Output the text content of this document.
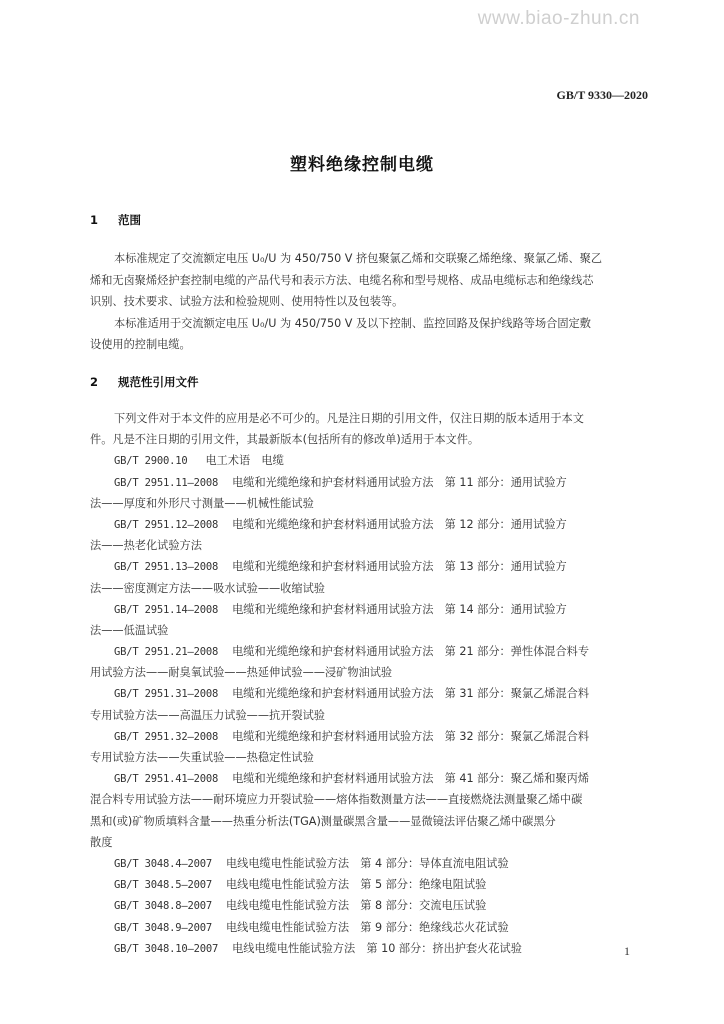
www.biao-zhun.cn
GB/T 9330—2020
塑料绝缘控制电缆
1 范围
本标准规定了交流额定电压 U₀/U 为 450/750 V 挤包聚氯乙烯和交联聚乙烯绝缘、聚氯乙烯、聚乙
烯和无卤聚烯烃护套控制电缆的产品代号和表示方法、电缆名称和型号规格、成品电缆标志和绝缘线芯
识别、技术要求、试验方法和检验规则、使用特性以及包装等。
本标准适用于交流额定电压 U₀/U 为 450/750 V 及以下控制、监控回路及保护线路等场合固定敷
设使用的控制电缆。
2 规范性引用文件
下列文件对于本文件的应用是必不可少的。凡是注日期的引用文件，仅注日期的版本适用于本文
件。凡是不注日期的引用文件，其最新版本(包括所有的修改单)适用于本文件。
GB/T 2900.10 电工术语　电缆
GB/T 2951.11—2008 电缆和光缆绝缘和护套材料通用试验方法　第 11 部分：通用试验方
法——厚度和外形尺寸测量——机械性能试验
GB/T 2951.12—2008 电缆和光缆绝缘和护套材料通用试验方法　第 12 部分：通用试验方
法——热老化试验方法
GB/T 2951.13—2008 电缆和光缆绝缘和护套材料通用试验方法　第 13 部分：通用试验方
法——密度测定方法——吸水试验——收缩试验
GB/T 2951.14—2008 电缆和光缆绝缘和护套材料通用试验方法　第 14 部分：通用试验方
法——低温试验
GB/T 2951.21—2008 电缆和光缆绝缘和护套材料通用试验方法　第 21 部分：弹性体混合料专
用试验方法——耐臭氧试验——热延伸试验——浸矿物油试验
GB/T 2951.31—2008 电缆和光缆绝缘和护套材料通用试验方法　第 31 部分：聚氯乙烯混合料
专用试验方法——高温压力试验——抗开裂试验
GB/T 2951.32—2008 电缆和光缆绝缘和护套材料通用试验方法　第 32 部分：聚氯乙烯混合料
专用试验方法——失重试验——热稳定性试验
GB/T 2951.41—2008 电缆和光缆绝缘和护套材料通用试验方法　第 41 部分：聚乙烯和聚丙烯
混合料专用试验方法——耐环境应力开裂试验——熔体指数测量方法——直接燃烧法测量聚乙烯中碳
黑和(或)矿物质填料含量——热重分析法(TGA)测量碳黑含量——显微镜法评估聚乙烯中碳黑分
散度
GB/T 3048.4—2007 电线电缆电性能试验方法　第 4 部分：导体直流电阻试验
GB/T 3048.5—2007 电线电缆电性能试验方法　第 5 部分：绝缘电阻试验
GB/T 3048.8—2007 电线电缆电性能试验方法　第 8 部分：交流电压试验
GB/T 3048.9—2007 电线电缆电性能试验方法　第 9 部分：绝缘线芯火花试验
GB/T 3048.10—2007 电线电缆电性能试验方法　第 10 部分：挤出护套火花试验	1
